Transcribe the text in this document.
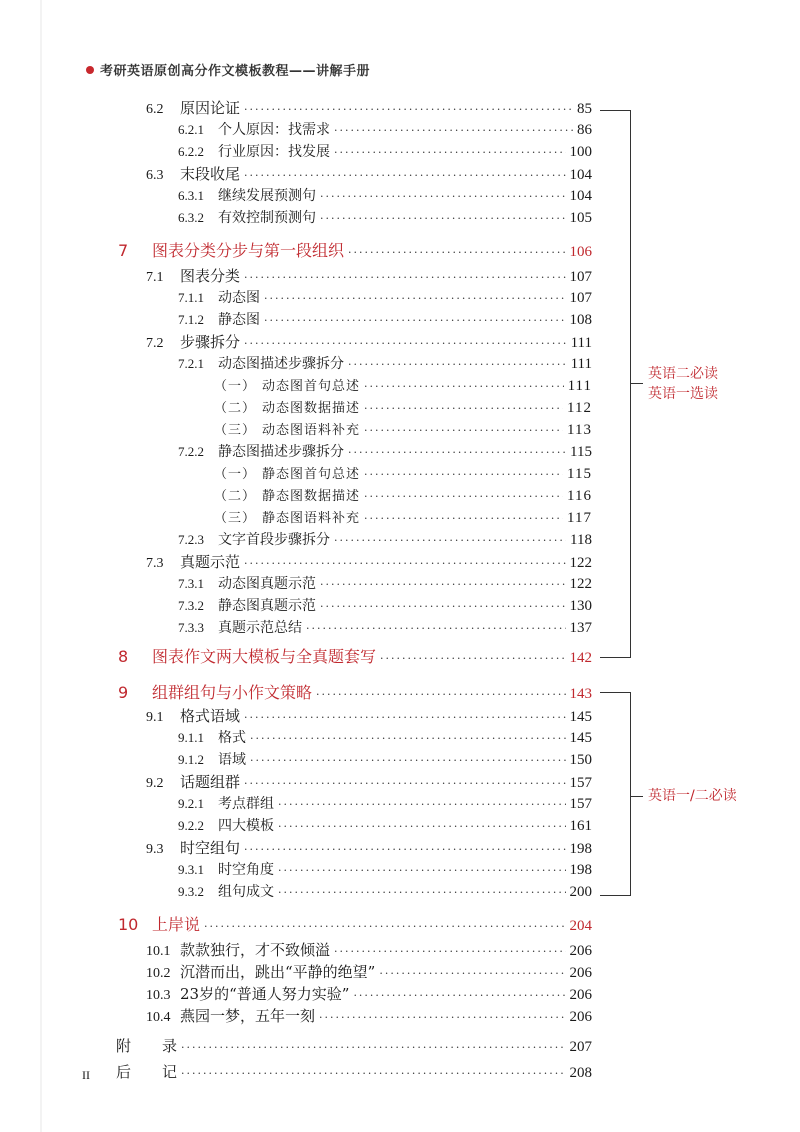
考研英语原创高分作文模板教程——讲解手册
6.2 原因论证 ·····	85
6.2.1 个人原因：找需求 ·····	86
6.2.2 行业原因：找发展 ·····	100
6.3 末段收尾 ·····	104
6.3.1 继续发展预测句 ·····	104
6.3.2 有效控制预测句 ·····	105
7 图表分类分步与第一段组织 ·····	106
7.1 图表分类 ·····	107
7.1.1 动态图 ·····	107
7.1.2 静态图 ·····	108
7.2 步骤拆分 ·····	111
7.2.1 动态图描述步骤拆分 ·····	111
（一） 动态图首句总述 ·····	111
（二） 动态图数据描述 ·····	112
（三） 动态图语料补充 ·····	113
7.2.2 静态图描述步骤拆分 ·····	115
（一） 静态图首句总述 ·····	115
（二） 静态图数据描述 ·····	116
（三） 静态图语料补充 ·····	117
7.2.3 文字首段步骤拆分 ·····	118
7.3 真题示范 ·····	122
7.3.1 动态图真题示范 ·····	122
7.3.2 静态图真题示范 ·····	130
7.3.3 真题示范总结 ·····	137
8 图表作文两大模板与全真题套写 ·····	142
9 组群组句与小作文策略 ·····	143
9.1 格式语域 ·····	145
9.1.1 格式 ·····	145
9.1.2 语域 ·····	150
9.2 话题组群 ·····	157
9.2.1 考点群组 ·····	157
9.2.2 四大模板 ·····	161
9.3 时空组句 ·····	198
9.3.1 时空角度 ·····	198
9.3.2 组句成文 ·····	200
10 上岸说 ·····	204
10.1 款款独行，才不致倾溢 ·····	206
10.2 沉潜而出，跳出“平静的绝望” ·····	206
10.3 23岁的“普通人努力实验” ·····	206
10.4 燕园一梦，五年一刻 ·····	206
附 录 ·····	207
后 记 ·····	208
英语二必读
英语一选读
英语一/二必读
II
